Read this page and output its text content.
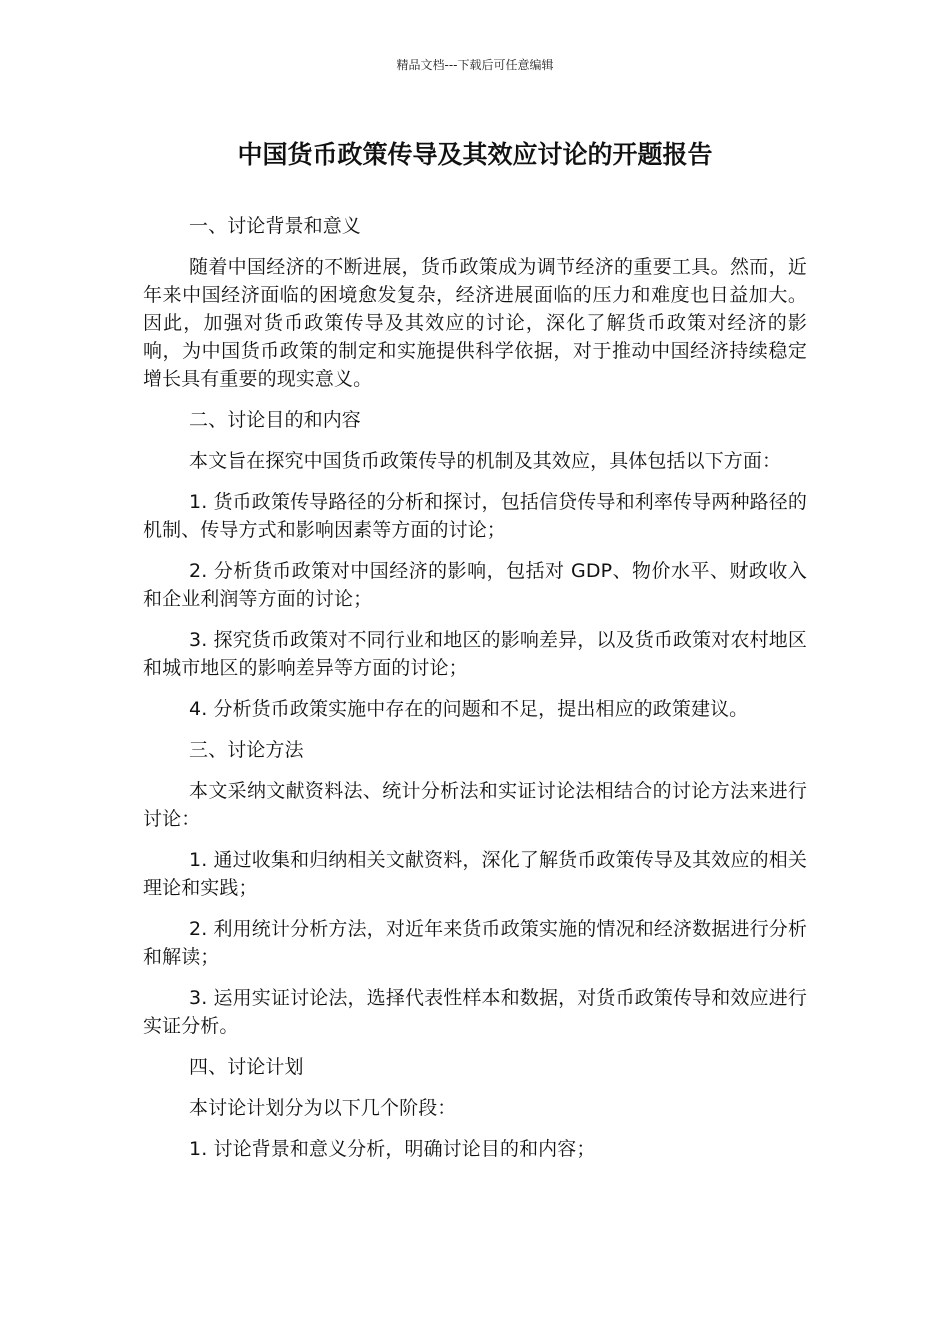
精品文档---下载后可任意编辑
中国货币政策传导及其效应讨论的开题报告

一、讨论背景和意义

随着中国经济的不断进展，货币政策成为调节经济的重要工具。然而，近年来中国经济面临的困境愈发复杂，经济进展面临的压力和难度也日益加大。因此，加强对货币政策传导及其效应的讨论，深化了解货币政策对经济的影响，为中国货币政策的制定和实施提供科学依据，对于推动中国经济持续稳定增长具有重要的现实意义。

二、讨论目的和内容

本文旨在探究中国货币政策传导的机制及其效应，具体包括以下方面：

1. 货币政策传导路径的分析和探讨，包括信贷传导和利率传导两种路径的机制、传导方式和影响因素等方面的讨论；

2. 分析货币政策对中国经济的影响，包括对 GDP、物价水平、财政收入和企业利润等方面的讨论；

3. 探究货币政策对不同行业和地区的影响差异，以及货币政策对农村地区和城市地区的影响差异等方面的讨论；

4. 分析货币政策实施中存在的问题和不足，提出相应的政策建议。

三、讨论方法

本文采纳文献资料法、统计分析法和实证讨论法相结合的讨论方法来进行讨论：

1. 通过收集和归纳相关文献资料，深化了解货币政策传导及其效应的相关理论和实践；

2. 利用统计分析方法，对近年来货币政策实施的情况和经济数据进行分析和解读；

3. 运用实证讨论法，选择代表性样本和数据，对货币政策传导和效应进行实证分析。

四、讨论计划

本讨论计划分为以下几个阶段：

1. 讨论背景和意义分析，明确讨论目的和内容；
